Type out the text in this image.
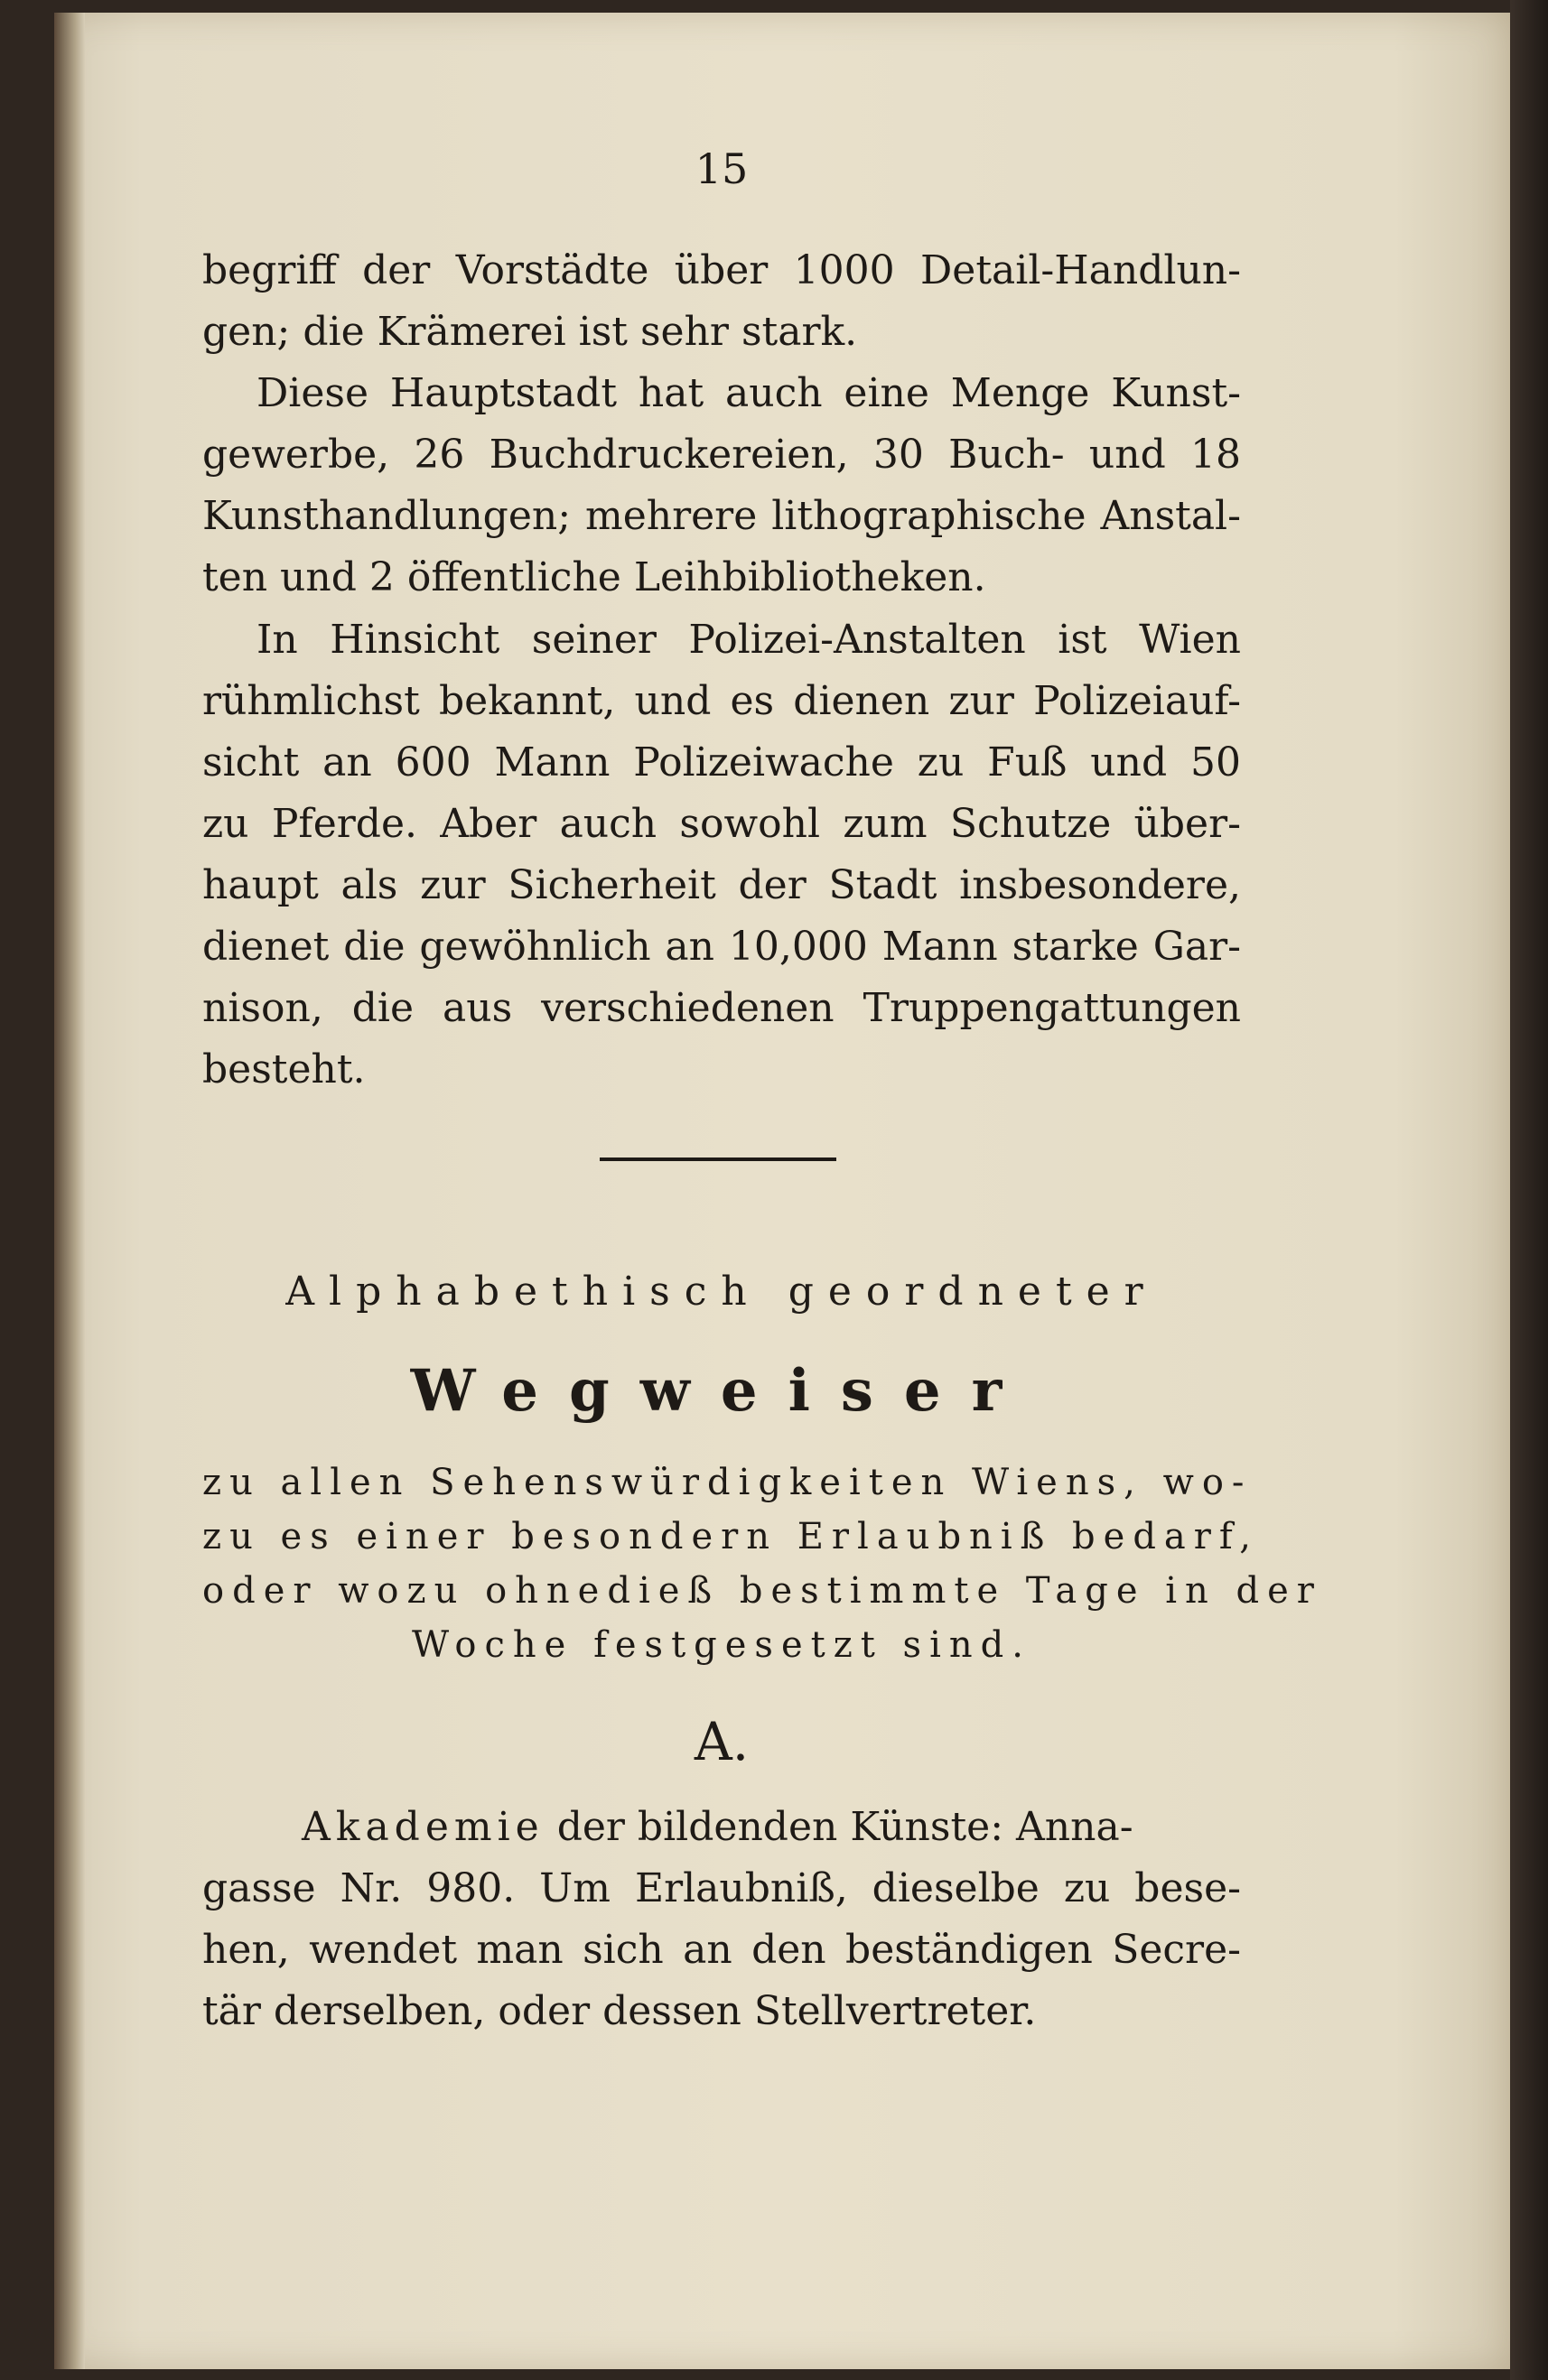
15
begriff der Vorstädte über 1000 Detail-Handlun-
gen; die Krämerei ist sehr stark.
Diese Hauptstadt hat auch eine Menge Kunst-
gewerbe, 26 Buchdruckereien, 30 Buch- und 18
Kunsthandlungen; mehrere lithographische Anstal-
ten und 2 öffentliche Leihbibliotheken.
In Hinsicht seiner Polizei-Anstalten ist Wien
rühmlichst bekannt, und es dienen zur Polizeiauf-
sicht an 600 Mann Polizeiwache zu Fuß und 50
zu Pferde. Aber auch sowohl zum Schutze über-
haupt als zur Sicherheit der Stadt insbesondere,
dienet die gewöhnlich an 10,000 Mann starke Gar-
nison, die aus verschiedenen Truppengattungen
besteht.
Alphabethisch geordneter
Wegweiser
zu allen Sehenswürdigkeiten Wiens, wo-
zu es einer besondern Erlaubniß bedarf,
oder wozu ohnedieß bestimmte Tage in der
Woche festgesetzt sind.
A.
Akademie der bildenden Künste: Anna-
gasse Nr. 980. Um Erlaubniß, dieselbe zu bese-
hen, wendet man sich an den beständigen Secre-
tär derselben, oder dessen Stellvertreter.
